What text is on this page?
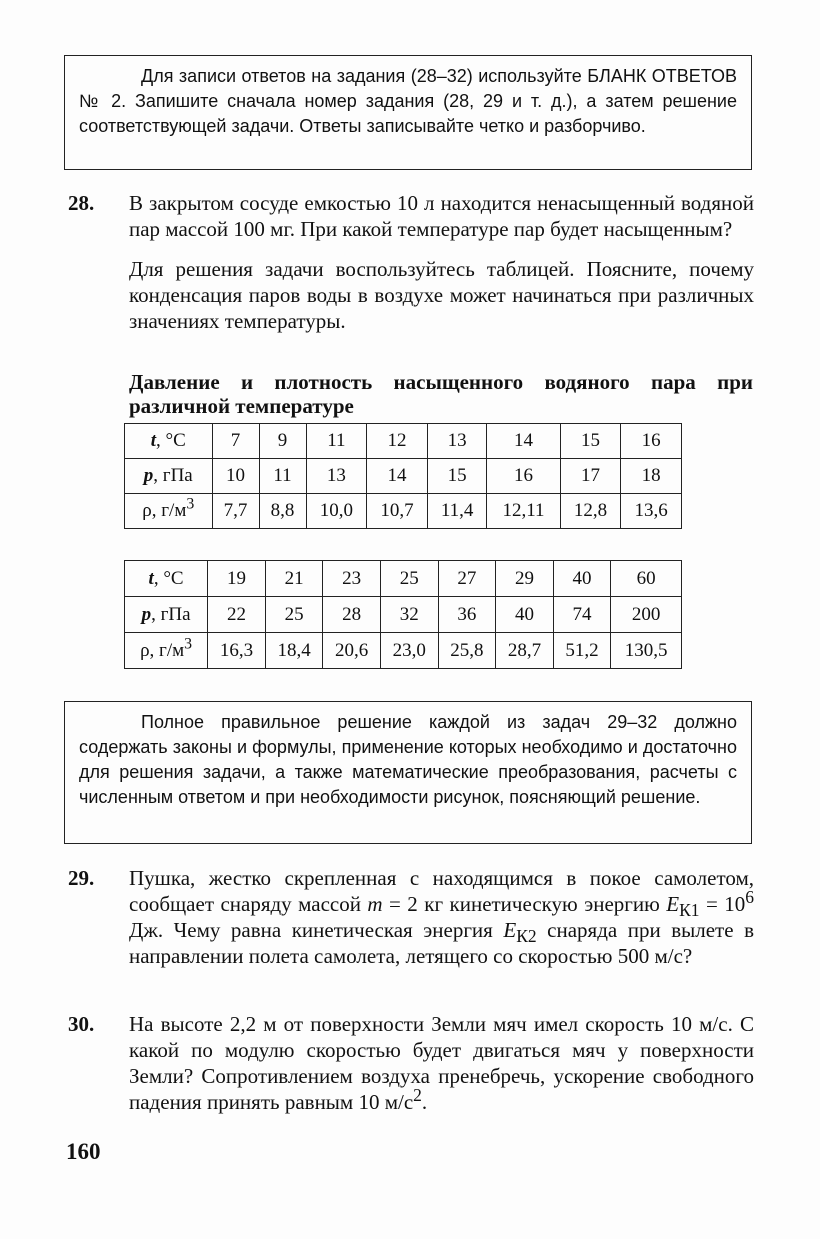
Для записи ответов на задания (28–32) используйте БЛАНК ОТВЕТОВ № 2. Запишите сначала номер задания (28, 29 и т. д.), а затем решение соответствующей задачи. Ответы записывайте четко и разборчиво.

28. В закрытом сосуде емкостью 10 л находится ненасыщенный водяной пар массой 100 мг. При какой температуре пар будет насыщенным?

Для решения задачи воспользуйтесь таблицей. Поясните, почему конденсация паров воды в воздухе может начинаться при различных значениях температуры.

Давление и плотность насыщенного водяного пара при различной температуре
t, °C	7	9	11	12	13	14	15	16
p, гПа	10	11	13	14	15	16	17	18
ρ, $г/м^3$	7,7	8,8	10,0	10,7	11,4	12,11	12,8	13,6
t, °C	19	21	23	25	27	29	40	60
p, гПа	22	25	28	32	36	40	74	200
ρ, $г/м^3$	16,3	18,4	20,6	23,0	25,8	28,7	51,2	130,5

Полное правильное решение каждой из задач 29–32 должно содержать законы и формулы, применение которых необходимо и достаточно для решения задачи, а также математические преобразования, расчеты с численным ответом и при необходимости рисунок, поясняющий решение.

29. Пушка, жестко скрепленная с находящимся в покое самолетом, сообщает снаряду массой m = 2 кг кинетическую энергию $E_{К1} = 10^6$ Дж. Чему равна кинетическая энергия $E_{К2}$ снаряда при вылете в направлении полета самолета, летящего со скоростью 500 м/с?

30. На высоте 2,2 м от поверхности Земли мяч имел скорость 10 м/с. С какой по модулю скоростью будет двигаться мяч у поверхности Земли? Сопротивлением воздуха пренебречь, ускорение свободного падения принять равным 10 $м/с^2$.

160
